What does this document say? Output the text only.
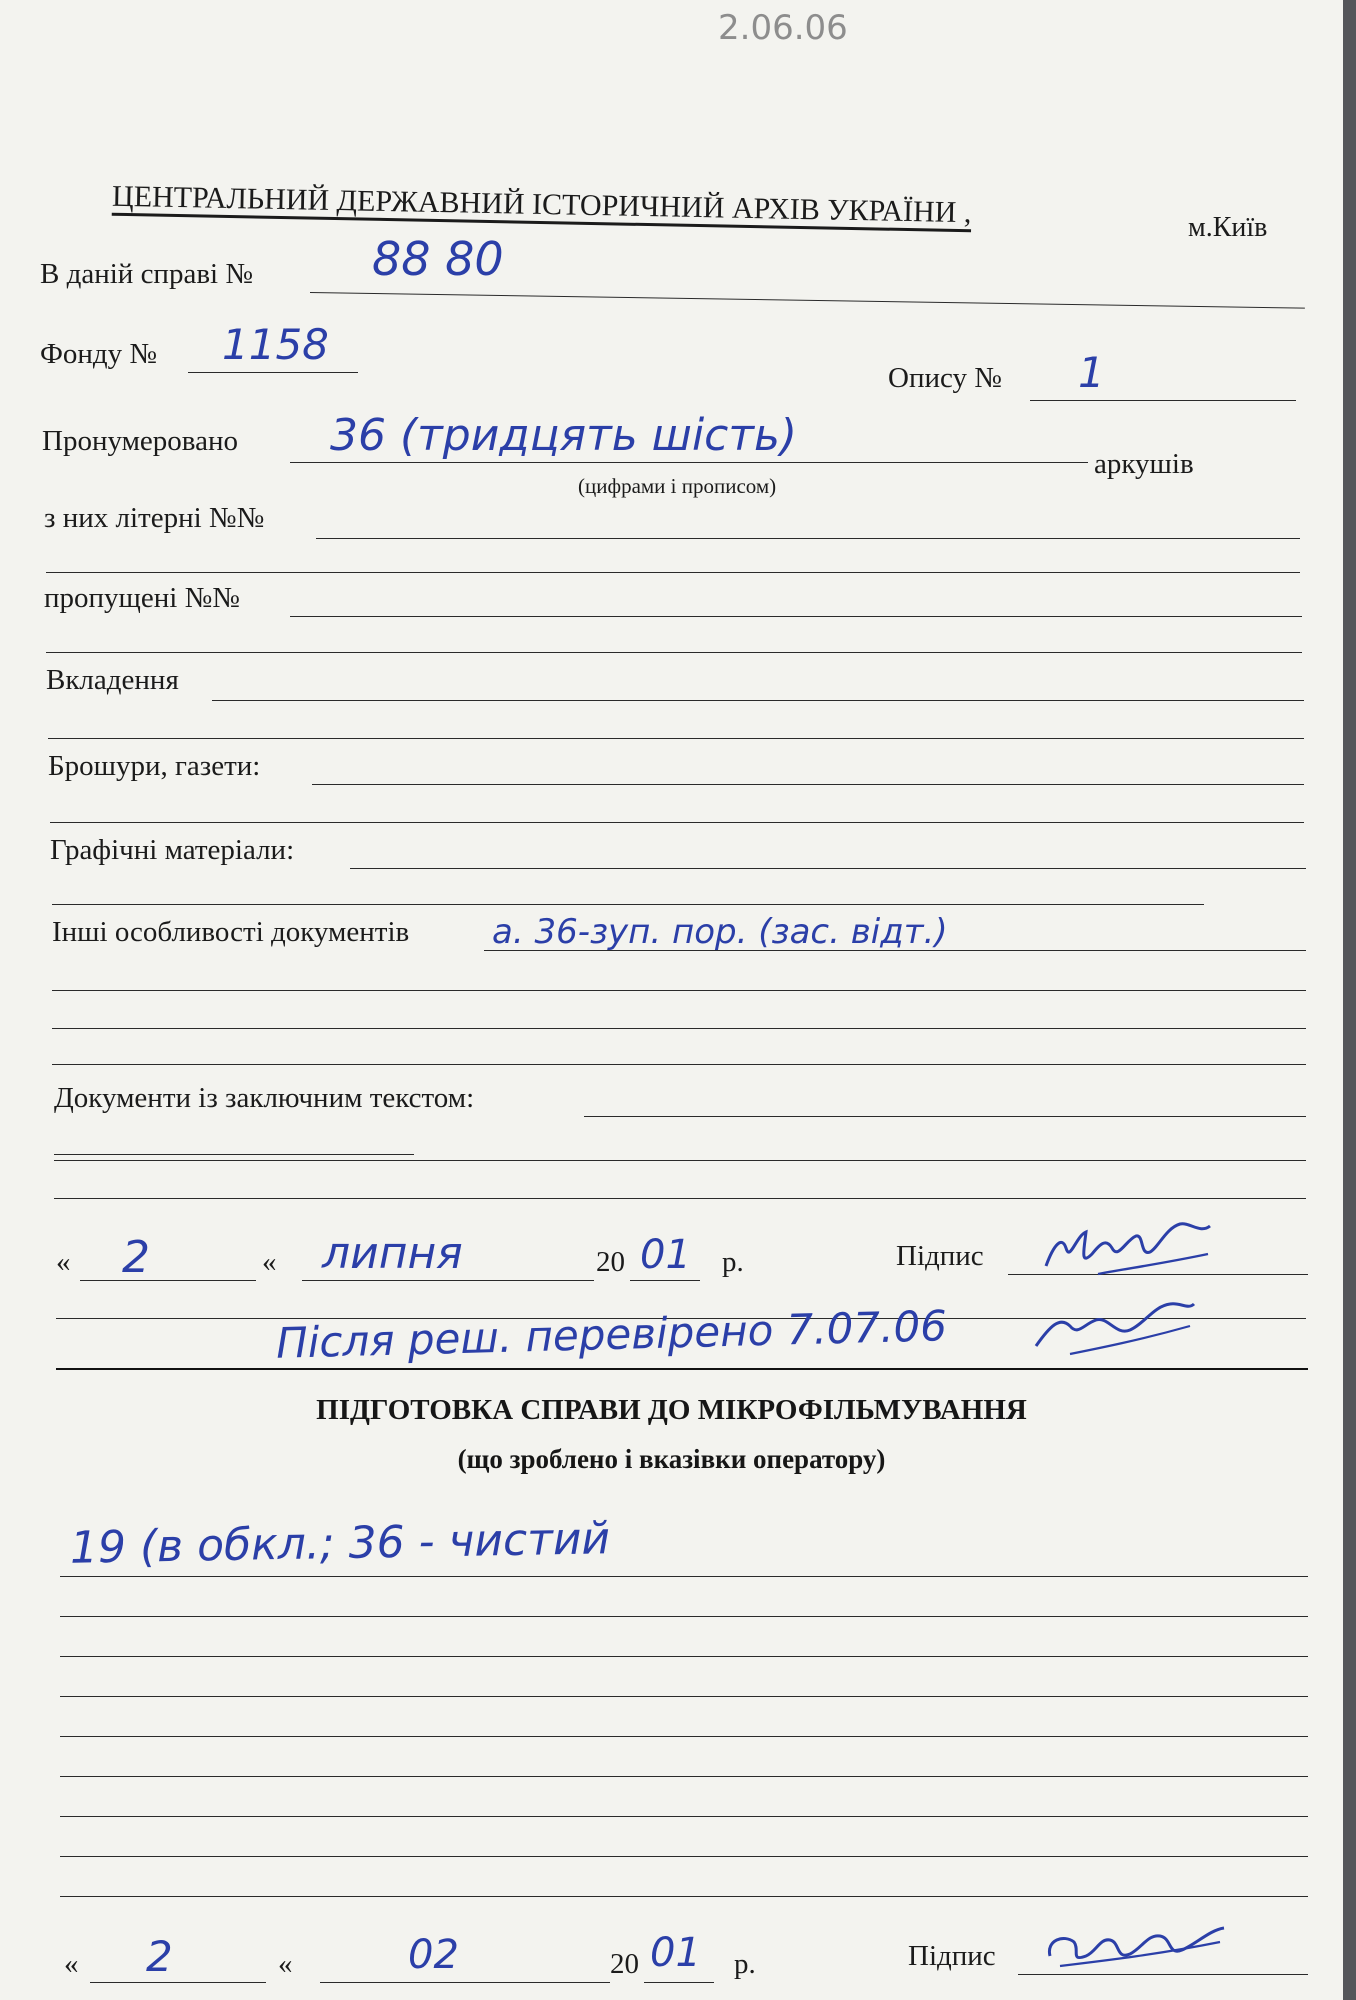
2.06.06
ЦЕНТРАЛЬНИЙ ДЕРЖАВНИЙ ІСТОРИЧНИЙ АРХІВ УКРАЇНИ ,	м.Київ
В даній справі №	88 80
Фонду № 1158
Опису № 1
Пронумеровано 36 (тридцять шість)
аркушів
(цифрами і прописом)
з них літерні №№
пропущені №№
Вкладення
Брошури, газети:
Графічні матеріали:
Інші особливості документів а. 36-зуп. пор. (зас. відт.)
Документи із заключним текстом:
« 2	« липня	20 01 р.	Підпис
Після реш. перевірено 7.07.06
ПІДГОТОВКА СПРАВИ ДО МІКРОФІЛЬМУВАННЯ
(що зроблено і вказівки оператору)
19 (в обкл.; 36 - чистий
« 2	«	02	20 01 р.	Підпис
